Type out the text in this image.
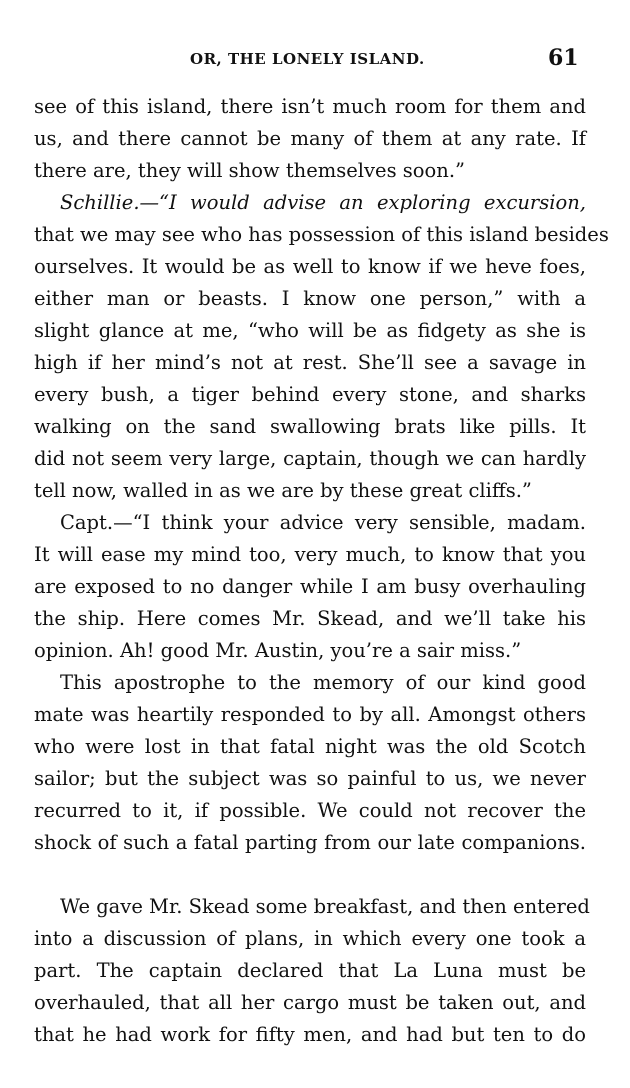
OR, THE LONELY ISLAND.	61
see of this island, there isn’t much room for them and
us, and there cannot be many of them at any rate. If
there are, they will show themselves soon.”
Schillie.—“I would advise an exploring excursion,
that we may see who has possession of this island besides
ourselves. It would be as well to know if we heve foes,
either man or beasts. I know one person,” with a
slight glance at me, “who will be as fidgety as she is
high if her mind’s not at rest. She’ll see a savage in
every bush, a tiger behind every stone, and sharks
walking on the sand swallowing brats like pills. It
did not seem very large, captain, though we can hardly
tell now, walled in as we are by these great cliffs.”
Capt.—“I think your advice very sensible, madam.
It will ease my mind too, very much, to know that you
are exposed to no danger while I am busy overhauling
the ship. Here comes Mr. Skead, and we’ll take his
opinion. Ah! good Mr. Austin, you’re a sair miss.”
This apostrophe to the memory of our kind good
mate was heartily responded to by all. Amongst others
who were lost in that fatal night was the old Scotch
sailor; but the subject was so painful to us, we never
recurred to it, if possible. We could not recover the
shock of such a fatal parting from our late companions.
We gave Mr. Skead some breakfast, and then entered
into a discussion of plans, in which every one took a
part. The captain declared that La Luna must be
overhauled, that all her cargo must be taken out, and
that he had work for fifty men, and had but ten to do
